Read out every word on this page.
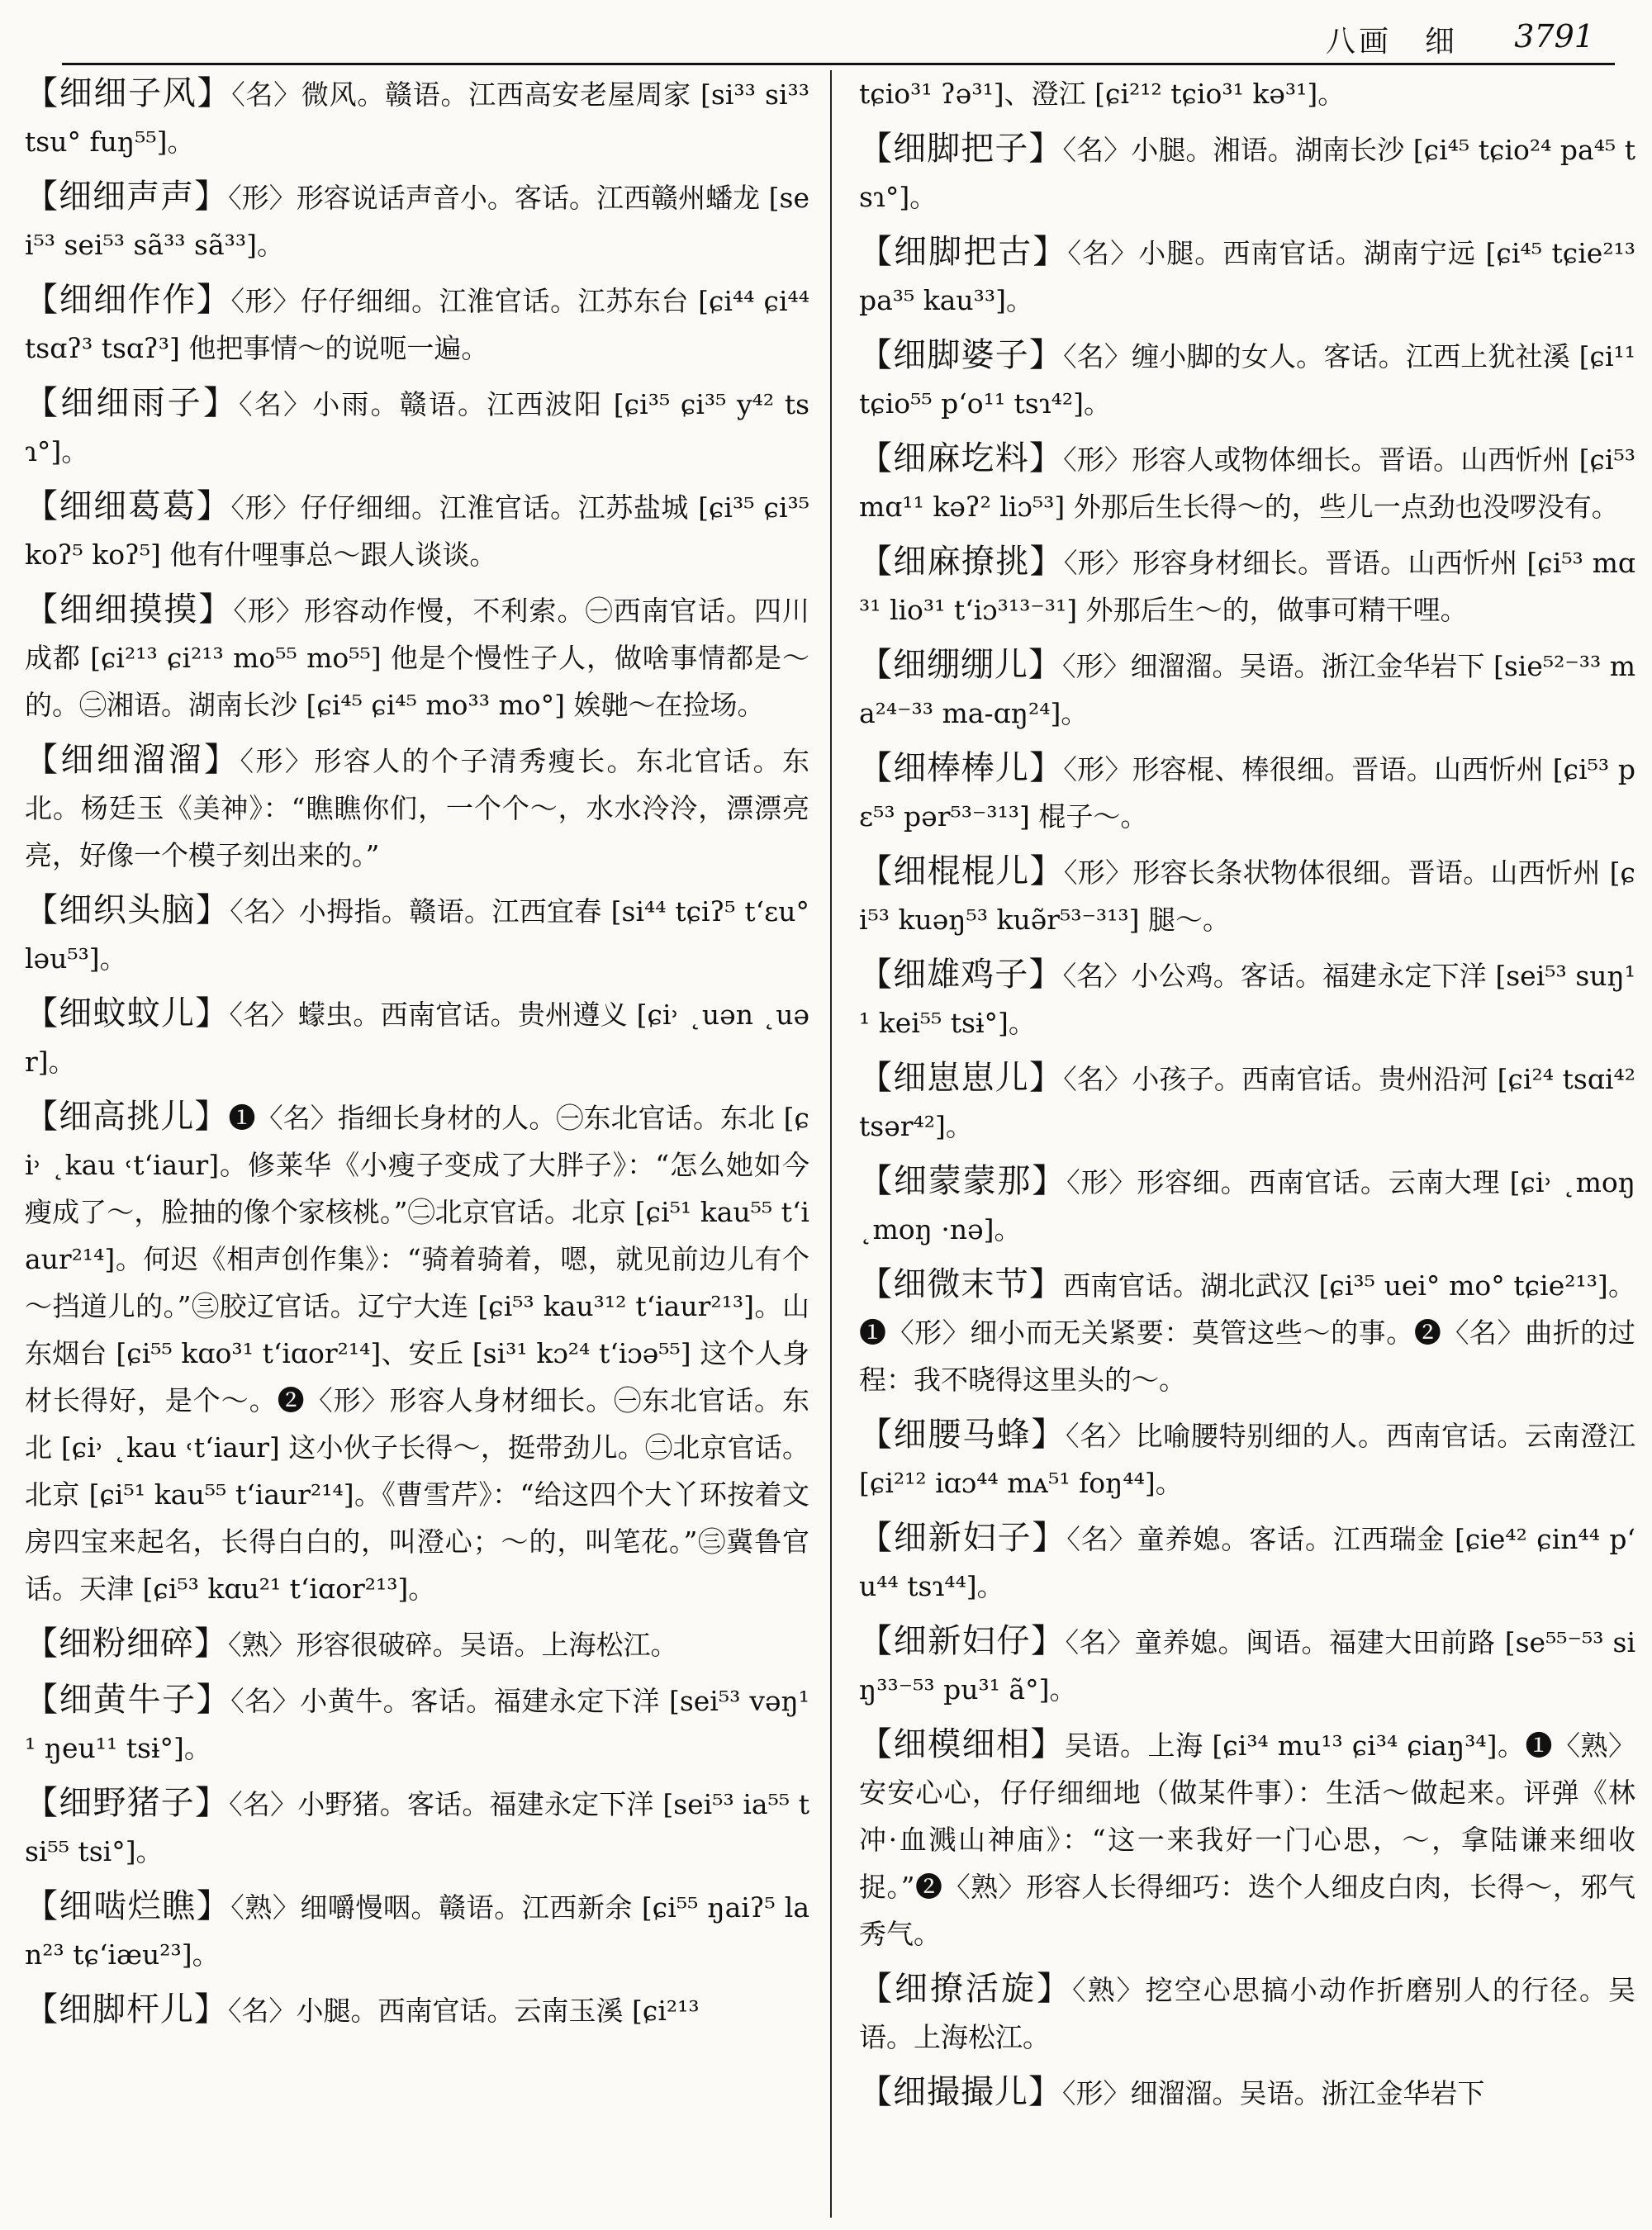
八画　细 3791
【细细子风】〈名〉微风。赣语。江西高安老屋周家 [si³³ si³³ tsu° fuŋ⁵⁵]。
【细细声声】〈形〉形容说话声音小。客话。江西赣州蟠龙 [sei⁵³ sei⁵³ sã³³ sã³³]。
【细细作作】〈形〉仔仔细细。江淮官话。江苏东台 [ɕi⁴⁴ ɕi⁴⁴ tsɑʔ³ tsɑʔ³] 他把事情～的说呃一遍。
【细细雨子】〈名〉小雨。赣语。江西波阳 [ɕi³⁵ ɕi³⁵ y⁴² tsɿ°]。
【细细葛葛】〈形〉仔仔细细。江淮官话。江苏盐城 [ɕi³⁵ ɕi³⁵ koʔ⁵ koʔ⁵] 他有什哩事总～跟人谈谈。
【细细摸摸】〈形〉形容动作慢，不利索。㊀西南官话。四川成都 [ɕi²¹³ ɕi²¹³ mo⁵⁵ mo⁵⁵] 他是个慢性子人，做啥事情都是～的。㊁湘语。湖南长沙 [ɕi⁴⁵ ɕi⁴⁵ mo³³ mo°] 娭毑～在捡场。
【细细溜溜】〈形〉形容人的个子清秀瘦长。东北官话。东北。杨廷玉《美神》：“瞧瞧你们，一个个～，水水泠泠，漂漂亮亮，好像一个模子刻出来的。”
【细织头脑】〈名〉小拇指。赣语。江西宜春 [si⁴⁴ tɕiʔ⁵ tʻɛu° ləu⁵³]。
【细蚊蚊儿】〈名〉蠓虫。西南官话。贵州遵义 [ɕi˒ ˛uən ˛uər]。
【细高挑儿】❶〈名〉指细长身材的人。㊀东北官话。东北 [ɕi˒ ˛kau ˓tʻiaur]。修莱华《小瘦子变成了大胖子》：“怎么她如今瘦成了～，脸抽的像个家核桃。”㊁北京官话。北京 [ɕi⁵¹ kau⁵⁵ tʻiaur²¹⁴]。何迟《相声创作集》：“骑着骑着，嗯，就见前边儿有个～挡道儿的。”㊂胶辽官话。辽宁大连 [ɕi⁵³ kau³¹² tʻiaur²¹³]。山东烟台 [ɕi⁵⁵ kɑo³¹ tʻiɑor²¹⁴]、安丘 [si³¹ kɔ²⁴ tʻiɔə⁵⁵] 这个人身材长得好，是个～。❷〈形〉形容人身材细长。㊀东北官话。东北 [ɕi˒ ˛kau ˓tʻiaur] 这小伙子长得～，挺带劲儿。㊁北京官话。北京 [ɕi⁵¹ kau⁵⁵ tʻiaur²¹⁴]。《曹雪芹》：“给这四个大丫环按着文房四宝来起名，长得白白的，叫澄心；～的，叫笔花。”㊂冀鲁官话。天津 [ɕi⁵³ kɑu²¹ tʻiɑor²¹³]。
【细粉细碎】〈熟〉形容很破碎。吴语。上海松江。
【细黄牛子】〈名〉小黄牛。客话。福建永定下洋 [sei⁵³ vəŋ¹¹ ŋeu¹¹ tsɨ°]。
【细野猪子】〈名〉小野猪。客话。福建永定下洋 [sei⁵³ ia⁵⁵ tsi⁵⁵ tsi°]。
【细啮烂瞧】〈熟〉细嚼慢咽。赣语。江西新余 [ɕi⁵⁵ ŋaiʔ⁵ lan²³ tɕʻiæu²³]。
【细脚杆儿】〈名〉小腿。西南官话。云南玉溪 [ɕi²¹³
tɕio³¹ ʔə³¹]、澄江 [ɕi²¹² tɕio³¹ kə³¹]。
【细脚把子】〈名〉小腿。湘语。湖南长沙 [ɕi⁴⁵ tɕio²⁴ pa⁴⁵ tsɿ°]。
【细脚把古】〈名〉小腿。西南官话。湖南宁远 [ɕi⁴⁵ tɕie²¹³ pa³⁵ kau³³]。
【细脚婆子】〈名〉缠小脚的女人。客话。江西上犹社溪 [ɕi¹¹ tɕio⁵⁵ pʻo¹¹ tsɿ⁴²]。
【细麻圪料】〈形〉形容人或物体细长。晋语。山西忻州 [ɕi⁵³ mɑ¹¹ kəʔ² liɔ⁵³] 外那后生长得～的，些儿一点劲也没啰没有。
【细麻撩挑】〈形〉形容身材细长。晋语。山西忻州 [ɕi⁵³ mɑ³¹ lio³¹ tʻiɔ³¹³⁻³¹] 外那后生～的，做事可精干哩。
【细绷绷儿】〈形〉细溜溜。吴语。浙江金华岩下 [sie⁵²⁻³³ ma²⁴⁻³³ ma-ɑŋ²⁴]。
【细棒棒儿】〈形〉形容棍、棒很细。晋语。山西忻州 [ɕi⁵³ pɛ⁵³ pər⁵³⁻³¹³] 棍子～。
【细棍棍儿】〈形〉形容长条状物体很细。晋语。山西忻州 [ɕi⁵³ kuəŋ⁵³ kuə̃r⁵³⁻³¹³] 腿～。
【细雄鸡子】〈名〉小公鸡。客话。福建永定下洋 [sei⁵³ suŋ¹¹ kei⁵⁵ tsɨ°]。
【细崽崽儿】〈名〉小孩子。西南官话。贵州沿河 [ɕi²⁴ tsɑi⁴² tsər⁴²]。
【细蒙蒙那】〈形〉形容细。西南官话。云南大理 [ɕi˒ ˛moŋ ˛moŋ ·nə]。
【细微末节】西南官话。湖北武汉 [ɕi³⁵ uei° mo° tɕie²¹³]。❶〈形〉细小而无关紧要：莫管这些～的事。❷〈名〉曲折的过程：我不晓得这里头的～。
【细腰马蜂】〈名〉比喻腰特别细的人。西南官话。云南澄江 [ɕi²¹² iɑɔ⁴⁴ mᴀ⁵¹ foŋ⁴⁴]。
【细新妇子】〈名〉童养媳。客话。江西瑞金 [ɕie⁴² ɕin⁴⁴ pʻu⁴⁴ tsɿ⁴⁴]。
【细新妇仔】〈名〉童养媳。闽语。福建大田前路 [se⁵⁵⁻⁵³ siŋ³³⁻⁵³ pu³¹ ã°]。
【细模细相】吴语。上海 [ɕi³⁴ mu¹³ ɕi³⁴ ɕiaŋ³⁴]。❶〈熟〉安安心心，仔仔细细地（做某件事）：生活～做起来。评弹《林冲·血溅山神庙》：“这一来我好一门心思，～，拿陆谦来细收捉。”❷〈熟〉形容人长得细巧：迭个人细皮白肉，长得～，邪气秀气。
【细撩活旋】〈熟〉挖空心思搞小动作折磨别人的行径。吴语。上海松江。
【细撮撮儿】〈形〉细溜溜。吴语。浙江金华岩下
